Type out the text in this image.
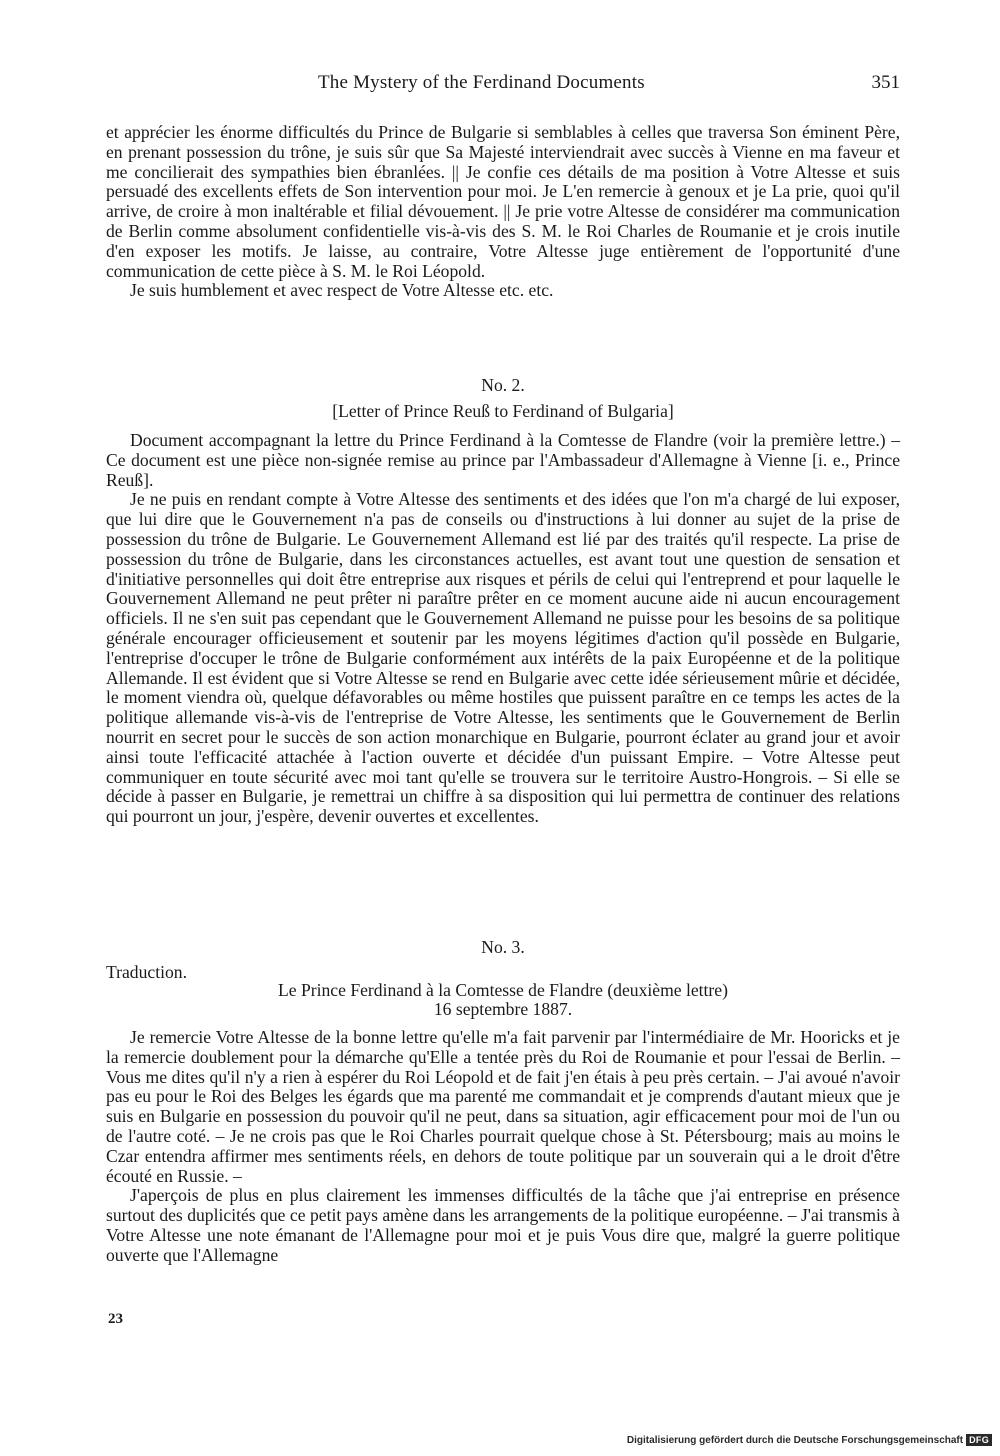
The Mystery of the Ferdinand Documents	351

et apprécier les énorme difficultés du Prince de Bulgarie si semblables à celles que traversa Son éminent Père, en prenant possession du trône, je suis sûr que Sa Majesté interviendrait avec succès à Vienne en ma faveur et me concilierait des sympathies bien ébranlées. || Je confie ces détails de ma position à Votre Altesse et suis persuadé des excellents effets de Son intervention pour moi. Je L'en remercie à genoux et je La prie, quoi qu'il arrive, de croire à mon inaltérable et filial dévouement. || Je prie votre Altesse de considérer ma communication de Berlin comme absolument confidentielle vis-à-vis des S. M. le Roi Charles de Roumanie et je crois inutile d'en exposer les motifs. Je laisse, au contraire, Votre Altesse juge entièrement de l'opportunité d'une communication de cette pièce à S. M. le Roi Léopold.

Je suis humblement et avec respect de Votre Altesse etc. etc.

No. 2.
[Letter of Prince Reuß to Ferdinand of Bulgaria]

Document accompagnant la lettre du Prince Ferdinand à la Comtesse de Flandre (voir la première lettre.) – Ce document est une pièce non-signée remise au prince par l'Ambassadeur d'Allemagne à Vienne [i. e., Prince Reuß].

Je ne puis en rendant compte à Votre Altesse des sentiments et des idées que l'on m'a chargé de lui exposer, que lui dire que le Gouvernement n'a pas de conseils ou d'instructions à lui donner au sujet de la prise de possession du trône de Bulgarie. Le Gouvernement Allemand est lié par des traités qu'il respecte. La prise de possession du trône de Bulgarie, dans les circonstances actuelles, est avant tout une question de sensation et d'initiative personnelles qui doit être entreprise aux risques et périls de celui qui l'entreprend et pour laquelle le Gouvernement Allemand ne peut prêter ni paraître prêter en ce moment aucune aide ni aucun encouragement officiels. Il ne s'en suit pas cependant que le Gouvernement Allemand ne puisse pour les besoins de sa politique générale encourager officieusement et soutenir par les moyens légitimes d'action qu'il possède en Bulgarie, l'entreprise d'occuper le trône de Bulgarie conformément aux intérêts de la paix Européenne et de la politique Allemande. Il est évident que si Votre Altesse se rend en Bulgarie avec cette idée sérieusement mûrie et décidée, le moment viendra où, quelque défavorables ou même hostiles que puissent paraître en ce temps les actes de la politique allemande vis-à-vis de l'entreprise de Votre Altesse, les sentiments que le Gouvernement de Berlin nourrit en secret pour le succès de son action monarchique en Bulgarie, pourront éclater au grand jour et avoir ainsi toute l'efficacité attachée à l'action ouverte et décidée d'un puissant Empire. – Votre Altesse peut communiquer en toute sécurité avec moi tant qu'elle se trouvera sur le territoire Austro-Hongrois. – Si elle se décide à passer en Bulgarie, je remettrai un chiffre à sa disposition qui lui permettra de continuer des relations qui pourront un jour, j'espère, devenir ouvertes et excellentes.

No. 3.
Traduction.
Le Prince Ferdinand à la Comtesse de Flandre (deuxième lettre)
16 septembre 1887.

Je remercie Votre Altesse de la bonne lettre qu'elle m'a fait parvenir par l'intermédiaire de Mr. Hooricks et je la remercie doublement pour la démarche qu'Elle a tentée près du Roi de Roumanie et pour l'essai de Berlin. – Vous me dites qu'il n'y a rien à espérer du Roi Léopold et de fait j'en étais à peu près certain. – J'ai avoué n'avoir pas eu pour le Roi des Belges les égards que ma parenté me commandait et je comprends d'autant mieux que je suis en Bulgarie en possession du pouvoir qu'il ne peut, dans sa situation, agir efficacement pour moi de l'un ou de l'autre coté. – Je ne crois pas que le Roi Charles pourrait quelque chose à St. Pétersbourg; mais au moins le Czar entendra affirmer mes sentiments réels, en dehors de toute politique par un souverain qui a le droit d'être écouté en Russie. –

J'aperçois de plus en plus clairement les immenses difficultés de la tâche que j'ai entreprise en présence surtout des duplicités que ce petit pays amène dans les arrangements de la politique européenne. – J'ai transmis à Votre Altesse une note émanant de l'Allemagne pour moi et je puis Vous dire que, malgré la guerre politique ouverte que l'Allemagne

23
Digitalisierung gefördert durch die Deutsche Forschungsgemeinschaft DFG
